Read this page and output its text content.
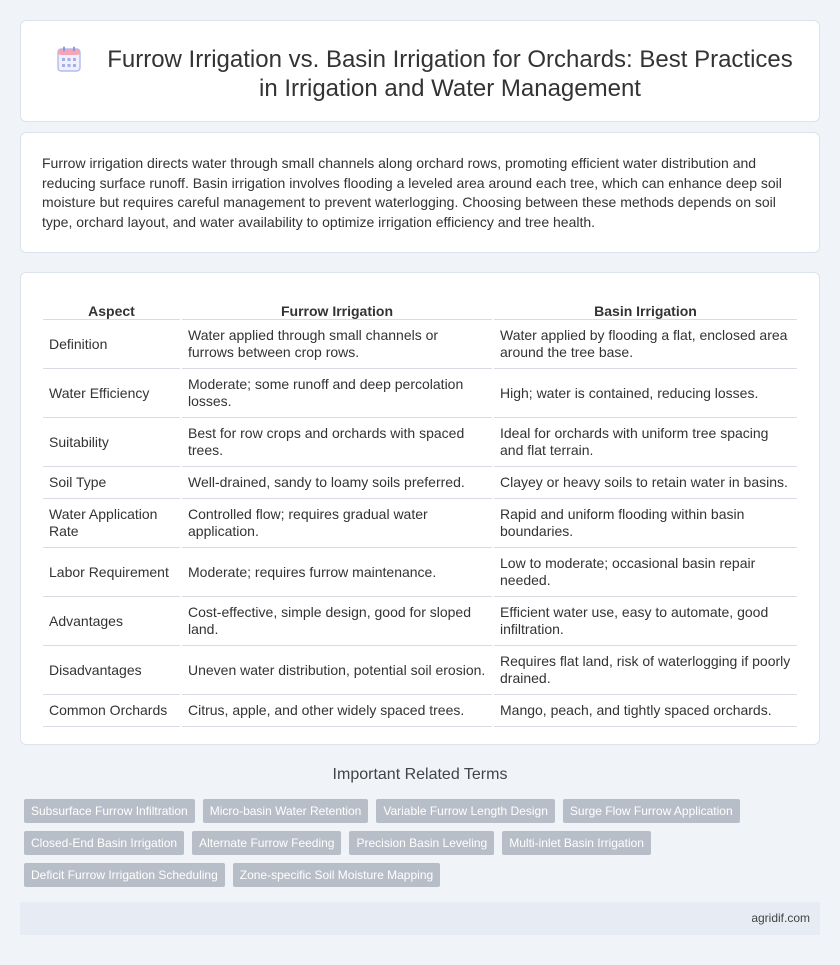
Furrow Irrigation vs. Basin Irrigation for Orchards: Best Practices in Irrigation and Water Management

Furrow irrigation directs water through small channels along orchard rows, promoting efficient water distribution and reducing surface runoff. Basin irrigation involves flooding a leveled area around each tree, which can enhance deep soil moisture but requires careful management to prevent waterlogging. Choosing between these methods depends on soil type, orchard layout, and water availability to optimize irrigation efficiency and tree health.

Aspect	Furrow Irrigation	Basin Irrigation
Definition	Water applied through small channels or furrows between crop rows.	Water applied by flooding a flat, enclosed area around the tree base.
Water Efficiency	Moderate; some runoff and deep percolation losses.	High; water is contained, reducing losses.
Suitability	Best for row crops and orchards with spaced trees.	Ideal for orchards with uniform tree spacing and flat terrain.
Soil Type	Well-drained, sandy to loamy soils preferred.	Clayey or heavy soils to retain water in basins.
Water Application Rate	Controlled flow; requires gradual water application.	Rapid and uniform flooding within basin boundaries.
Labor Requirement	Moderate; requires furrow maintenance.	Low to moderate; occasional basin repair needed.
Advantages	Cost-effective, simple design, good for sloped land.	Efficient water use, easy to automate, good infiltration.
Disadvantages	Uneven water distribution, potential soil erosion.	Requires flat land, risk of waterlogging if poorly drained.
Common Orchards	Citrus, apple, and other widely spaced trees.	Mango, peach, and tightly spaced orchards.
Important Related Terms
Subsurface Furrow Infiltration	Micro-basin Water Retention	Variable Furrow Length Design	Surge Flow Furrow Application
Closed-End Basin Irrigation	Alternate Furrow Feeding	Precision Basin Leveling	Multi-inlet Basin Irrigation
Deficit Furrow Irrigation Scheduling	Zone-specific Soil Moisture Mapping
agridif.com
